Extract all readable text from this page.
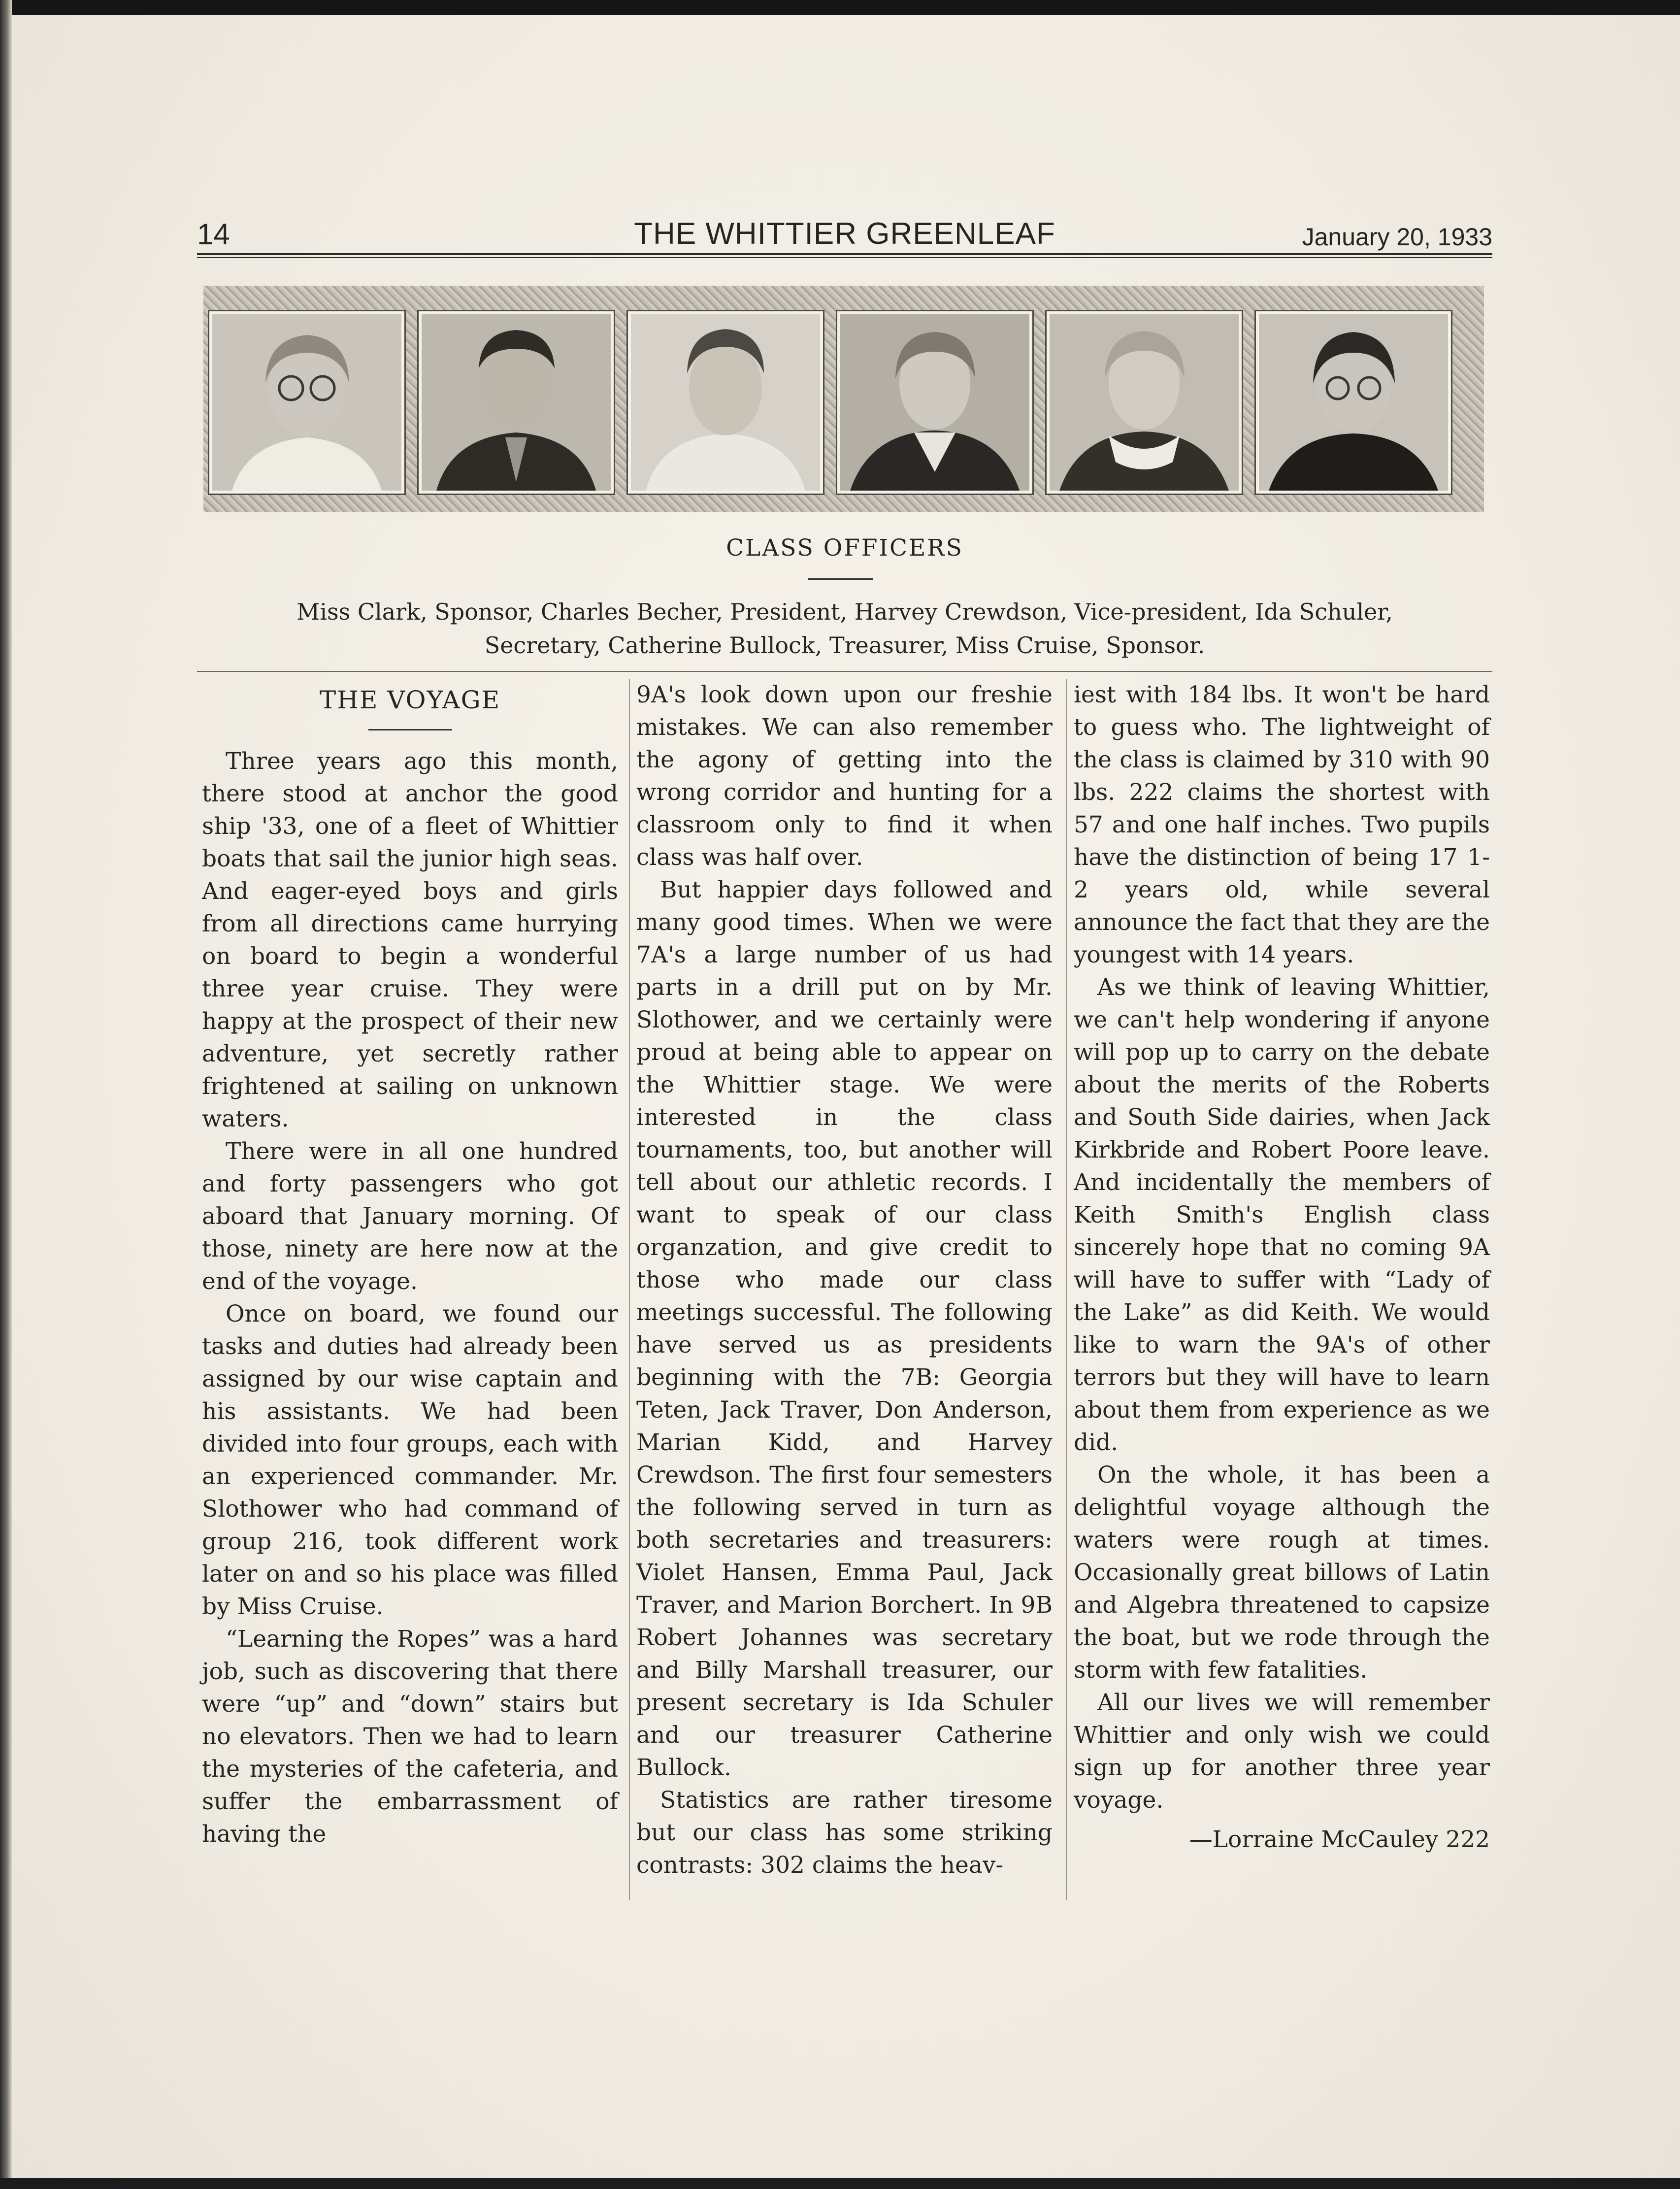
14	THE WHITTIER GREENLEAF	January 20, 1933
CLASS OFFICERS
Miss Clark, Sponsor, Charles Becher, President, Harvey Crewdson, Vice-president, Ida Schuler,
Secretary, Catherine Bullock, Treasurer, Miss Cruise, Sponsor.
THE VOYAGE

Three years ago this month, there stood at anchor the good ship '33, one of a fleet of Whittier boats that sail the junior high seas. And eager-eyed boys and girls from all directions came hurrying on board to begin a wonderful three year cruise. They were happy at the prospect of their new adventure, yet secretly rather frightened at sailing on unknown waters.

There were in all one hundred and forty passengers who got aboard that January morning. Of those, ninety are here now at the end of the voyage.

Once on board, we found our tasks and duties had already been assigned by our wise captain and his assistants. We had been divided into four groups, each with an experienced commander. Mr. Slothower who had command of group 216, took different work later on and so his place was filled by Miss Cruise.

“Learning the Ropes” was a hard job, such as discovering that there were “up” and “down” stairs but no elevators. Then we had to learn the mysteries of the cafeteria, and suffer the embarrassment of having the

9A's look down upon our freshie mistakes. We can also remember the agony of getting into the wrong corridor and hunting for a classroom only to find it when class was half over.

But happier days followed and many good times. When we were 7A's a large number of us had parts in a drill put on by Mr. Slothower, and we certainly were proud at being able to appear on the Whittier stage. We were interested in the class tournaments, too, but another will tell about our athletic records. I want to speak of our class organzation, and give credit to those who made our class meetings successful. The following have served us as presidents beginning with the 7B: Georgia Teten, Jack Traver, Don Anderson, Marian Kidd, and Harvey Crewdson. The first four semesters the following served in turn as both secretaries and treasurers: Violet Hansen, Emma Paul, Jack Traver, and Marion Borchert. In 9B Robert Johannes was secretary and Billy Marshall treasurer, our present secretary is Ida Schuler and our treasurer Catherine Bullock.

Statistics are rather tiresome but our class has some striking contrasts: 302 claims the heav-

iest with 184 lbs. It won't be hard to guess who. The lightweight of the class is claimed by 310 with 90 lbs. 222 claims the shortest with 57 and one half inches. Two pupils have the distinction of being 17 1-2 years old, while several announce the fact that they are the youngest with 14 years.

As we think of leaving Whittier, we can't help wondering if anyone will pop up to carry on the debate about the merits of the Roberts and South Side dairies, when Jack Kirkbride and Robert Poore leave. And incidentally the members of Keith Smith's English class sincerely hope that no coming 9A will have to suffer with “Lady of the Lake” as did Keith. We would like to warn the 9A's of other terrors but they will have to learn about them from experience as we did.

On the whole, it has been a delightful voyage although the waters were rough at times. Occasionally great billows of Latin and Algebra threatened to capsize the boat, but we rode through the storm with few fatalities.

All our lives we will remember Whittier and only wish we could sign up for another three year voyage.

—Lorraine McCauley 222
